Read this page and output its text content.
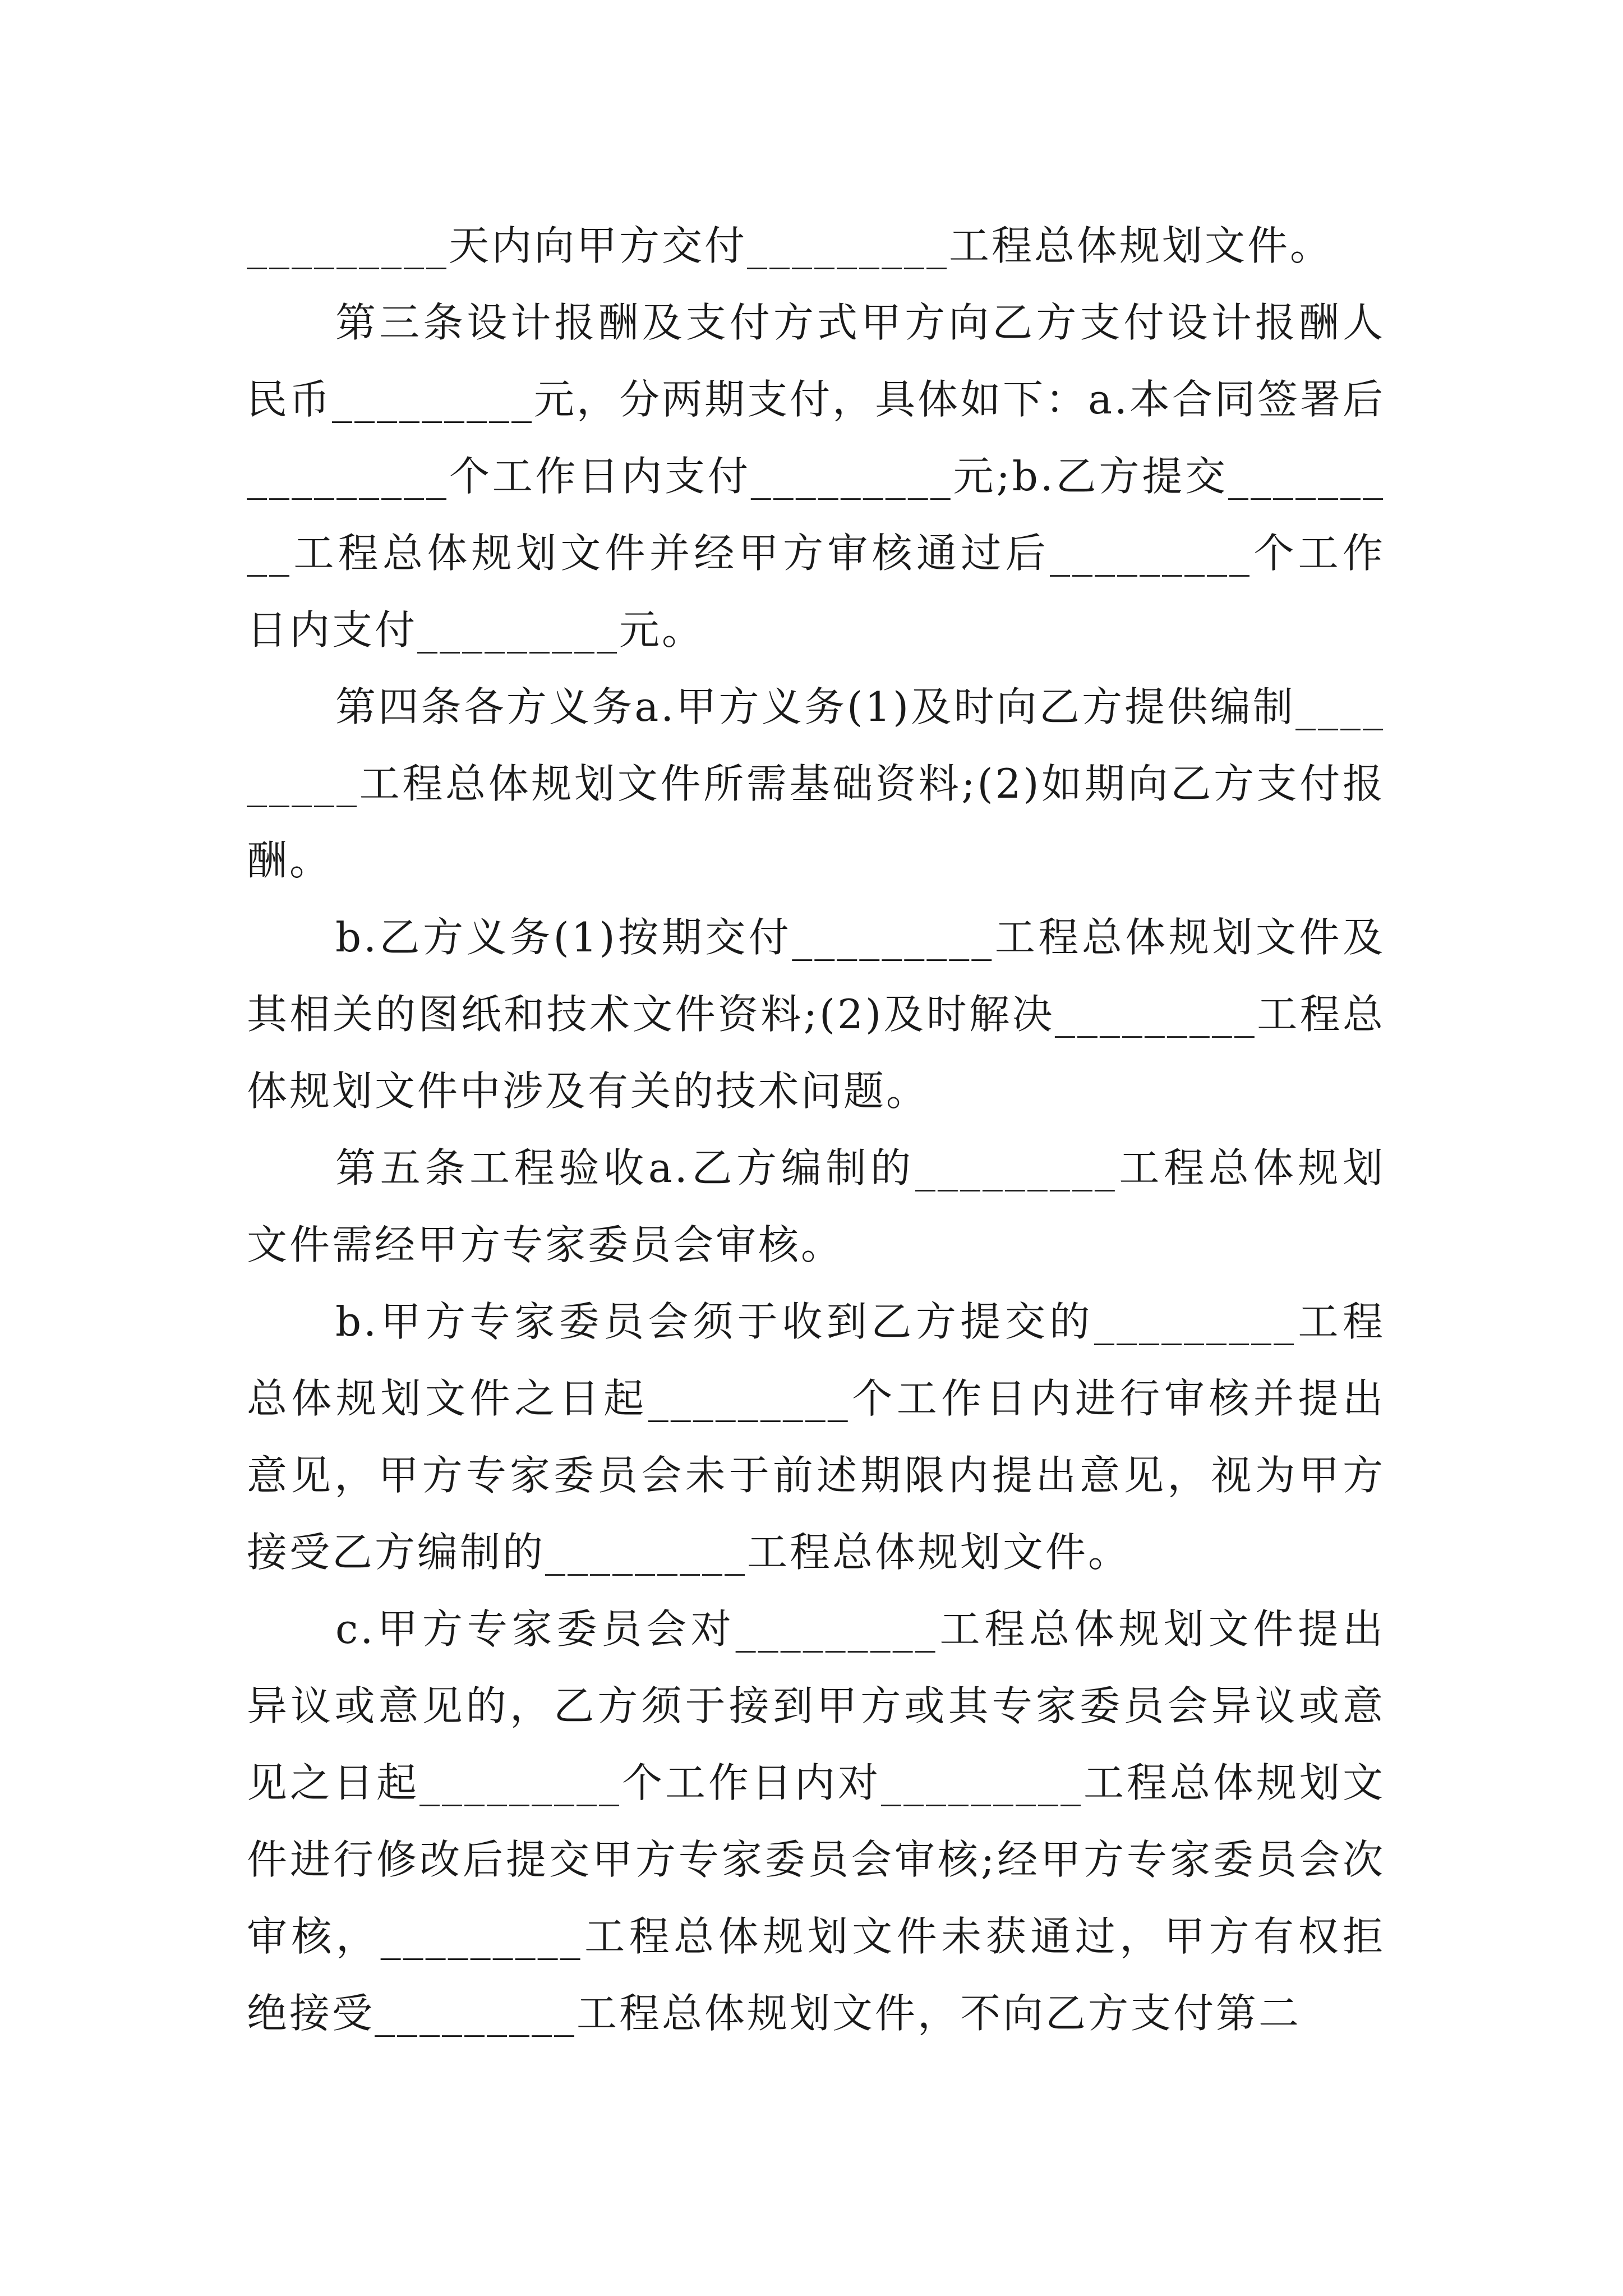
_________天内向甲方交付_________工程总体规划文件。

第三条设计报酬及支付方式甲方向乙方支付设计报酬人民币_________元，分两期支付，具体如下：a.本合同签署后_________个工作日内支付_________元;b.乙方提交_________工程总体规划文件并经甲方审核通过后_________个工作日内支付_________元。

第四条各方义务a.甲方义务(1)及时向乙方提供编制_________工程总体规划文件所需基础资料;(2)如期向乙方支付报酬。

b.乙方义务(1)按期交付_________工程总体规划文件及其相关的图纸和技术文件资料;(2)及时解决_________工程总体规划文件中涉及有关的技术问题。

第五条工程验收a.乙方编制的_________工程总体规划文件需经甲方专家委员会审核。

b.甲方专家委员会须于收到乙方提交的_________工程总体规划文件之日起_________个工作日内进行审核并提出意见，甲方专家委员会未于前述期限内提出意见，视为甲方接受乙方编制的_________工程总体规划文件。

c.甲方专家委员会对_________工程总体规划文件提出异议或意见的，乙方须于接到甲方或其专家委员会异议或意见之日起_________个工作日内对_________工程总体规划文件进行修改后提交甲方专家委员会审核;经甲方专家委员会次审核，_________工程总体规划文件未获通过，甲方有权拒绝接受_________工程总体规划文件，不向乙方支付第二
